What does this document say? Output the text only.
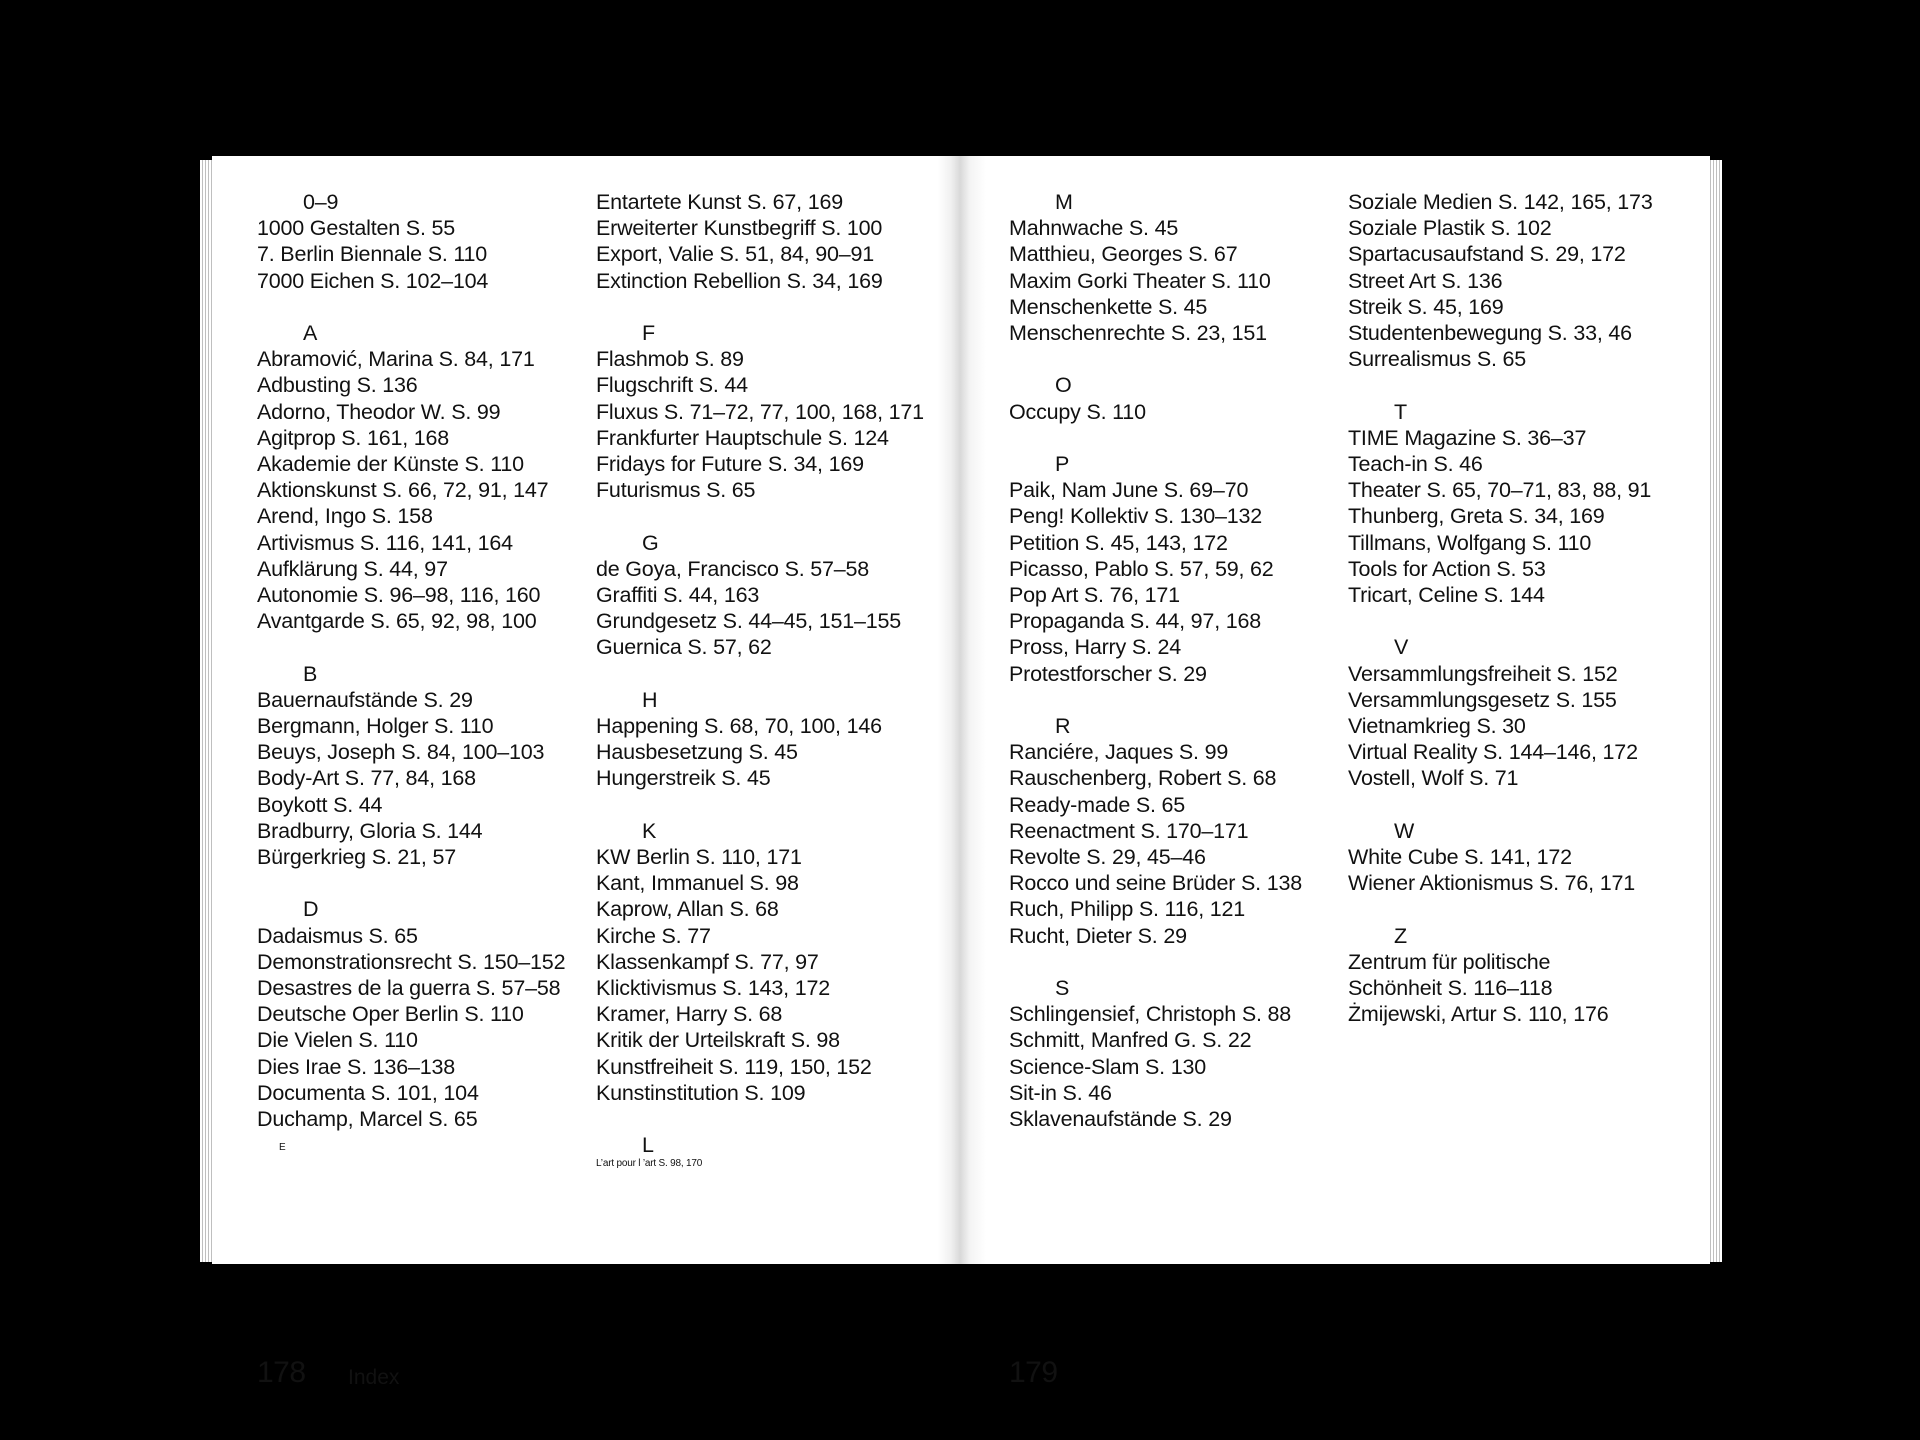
178 Index	179
0–9
1000 Gestalten S. 55
7. Berlin Biennale S. 110
7000 Eichen S. 102–104
A
Abramović, Marina S. 84, 171
Adbusting S. 136
Adorno, Theodor W. S. 99
Agitprop S. 161, 168
Akademie der Künste S. 110
Aktionskunst S. 66, 72, 91, 147
Arend, Ingo S. 158
Artivismus S. 116, 141, 164
Aufklärung S. 44, 97
Autonomie S. 96–98, 116, 160
Avantgarde S. 65, 92, 98, 100
B
Bauernaufstände S. 29
Bergmann, Holger S. 110
Beuys, Joseph S. 84, 100–103
Body-Art S. 77, 84, 168
Boykott S. 44
Bradburry, Gloria S. 144
Bürgerkrieg S. 21, 57
D
Dadaismus S. 65
Demonstrationsrecht S. 150–152
Desastres de la guerra S. 57–58
Deutsche Oper Berlin S. 110
Die Vielen S. 110
Dies Irae S. 136–138
Documenta S. 101, 104
Duchamp, Marcel S. 65
E
Entartete Kunst S. 67, 169
Erweiterter Kunstbegriff S. 100
Export, Valie S. 51, 84, 90–91
Extinction Rebellion S. 34, 169
F
Flashmob S. 89
Flugschrift S. 44
Fluxus S. 71–72, 77, 100, 168, 171
Frankfurter Hauptschule S. 124
Fridays for Future S. 34, 169
Futurismus S. 65
G
de Goya, Francisco S. 57–58
Graffiti S. 44, 163
Grundgesetz S. 44–45, 151–155
Guernica S. 57, 62
H
Happening S. 68, 70, 100, 146
Hausbesetzung S. 45
Hungerstreik S. 45
K
KW Berlin S. 110, 171
Kant, Immanuel S. 98
Kaprow, Allan S. 68
Kirche S. 77
Klassenkampf S. 77, 97
Klicktivismus S. 143, 172
Kramer, Harry S. 68
Kritik der Urteilskraft S. 98
Kunstfreiheit S. 119, 150, 152
Kunstinstitution S. 109
L
L’art pour l ’art S. 98, 170
M
Mahnwache S. 45
Matthieu, Georges S. 67
Maxim Gorki Theater S. 110
Menschenkette S. 45
Menschenrechte S. 23, 151
O
Occupy S. 110
P
Paik, Nam June S. 69–70
Peng! Kollektiv S. 130–132
Petition S. 45, 143, 172
Picasso, Pablo S. 57, 59, 62
Pop Art S. 76, 171
Propaganda S. 44, 97, 168
Pross, Harry S. 24
Protestforscher S. 29
R
Ranciére, Jaques S. 99
Rauschenberg, Robert S. 68
Ready-made S. 65
Reenactment S. 170–171
Revolte S. 29, 45–46
Rocco und seine Brüder S. 138
Ruch, Philipp S. 116, 121
Rucht, Dieter S. 29
S
Schlingensief, Christoph S. 88
Schmitt, Manfred G. S. 22
Science-Slam S. 130
Sit-in S. 46
Sklavenaufstände S. 29
Soziale Medien S. 142, 165, 173
Soziale Plastik S. 102
Spartacusaufstand S. 29, 172
Street Art S. 136
Streik S. 45, 169
Studentenbewegung S. 33, 46
Surrealismus S. 65
T
TIME Magazine S. 36–37
Teach-in S. 46
Theater S. 65, 70–71, 83, 88, 91
Thunberg, Greta S. 34, 169
Tillmans, Wolfgang S. 110
Tools for Action S. 53
Tricart, Celine S. 144
V
Versammlungsfreiheit S. 152
Versammlungsgesetz S. 155
Vietnamkrieg S. 30
Virtual Reality S. 144–146, 172
Vostell, Wolf S. 71
W
White Cube S. 141, 172
Wiener Aktionismus S. 76, 171
Z
Zentrum für politische
Schönheit S. 116–118
Żmijewski, Artur S. 110, 176
